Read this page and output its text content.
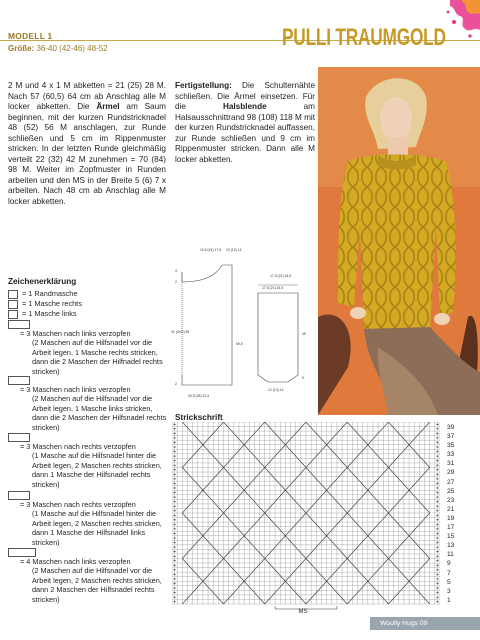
MODELL 1
Größe: 36-40 (42-46) 48-52	PULLI TRAUMGOLD
2 M und 4 x 1 M abketten = 21 (25) 28 M. Nach 57 (60,5) 64 cm ab Anschlag alle M locker abketten. Die Ärmel am Saum beginnen, mit der kurzen Rundstricknadel 48 (52) 56 M anschlagen, zur Runde schließen und 5 cm im Rippenmuster stricken. In der letzten Runde gleichmäßig verteilt 22 (32) 42 M zunehmen = 70 (84) 98 M. Weiter im Zopfmuster in Runden arbeiten und den MS in der Breite 5 (6) 7 x arbeiten. Nach 48 cm ab Anschlag alle M locker abketten.
Fertigstellung: Die Schulternähte schließen. Die Ärmel einsetzen. Für die	Halsblende	am Halsausschnittrand 98 (108) 118 M mit der kurzen Rundstricknadel auffassen, zur Runde schließen und 9 cm im Rippenmuster stricken. Dann alle M locker abketten.
10,5 (14) 17,5 10 (12) 14
17,5 (21) 24,5
4
2
41 (44,5) 55
59,5
2
26,5 (28) 31,5
17,5 (21) 24,5
45
5
12 (13) 14
Zeichenerklärung
= 1 Randmasche
= 1 Masche rechts
= 1 Masche links

= 3 Maschen nach links verzopfen
(2 Maschen auf die Hilfsnadel vor die Arbeit legen, 1 Masche rechts stricken, dann die 2 Maschen der Hilfnadel rechts stricken)

= 3 Maschen nach links verzopfen
(2 Maschen auf die Hilfsnadel vor die Arbeit legen, 1 Masche links stricken, dann die 2 Maschen der Hilfsnadel rechts stricken)

= 3 Maschen nach rechts verzopfen
(1 Masche auf die Hilfsnadel hinter die Arbeit legen, 2 Maschen rechts stricken, dann 1 Masche der Hilfsnadel rechts stricken)

= 3 Maschen nach rechts verzopfen
(1 Masche auf die Hilfsnadel hinter die Arbeit legen, 2 Maschen rechts stricken, dann 1 Masche der Hilfsnadel links stricken)

= 4 Maschen nach links verzopfen
(2 Maschen auf die Hilfsnadel vor die Arbeit legen, 2 Maschen rechts stricken, dann 2 Maschen der Hilfsnadel rechts stricken)
Strickschrift
39
37
35
33
31
29
27
25
23
21
19
17
15
13
11
9
7
5
3
1
MS
Woolly Hugs 09
